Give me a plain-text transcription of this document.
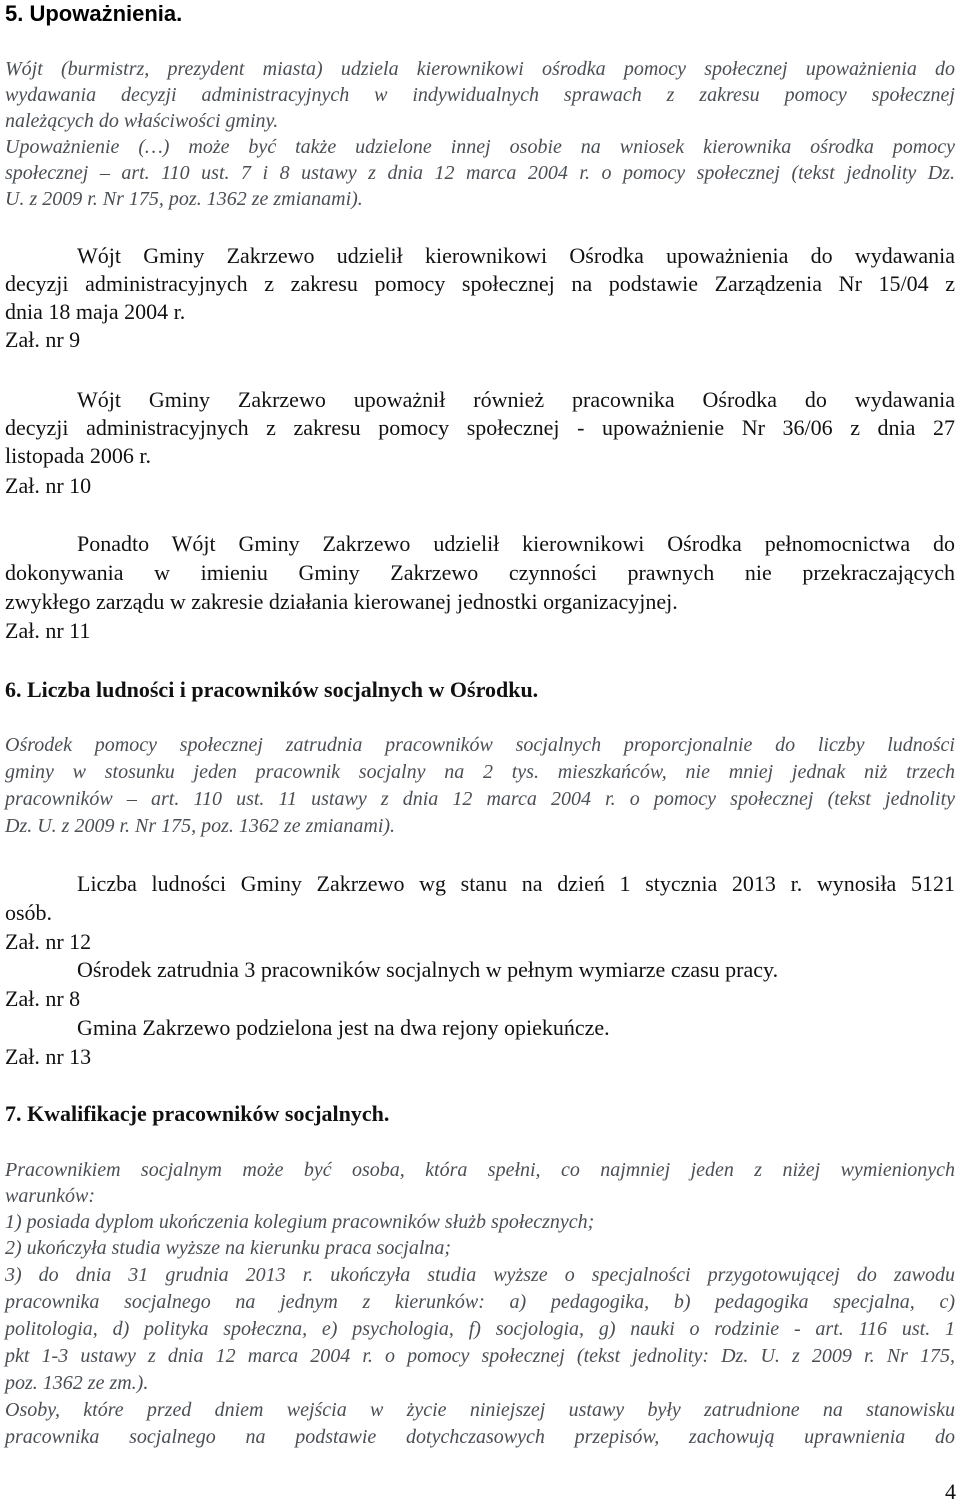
5. Upoważnienia.
Wójt (burmistrz, prezydent miasta) udziela kierownikowi ośrodka pomocy społecznej upoważnienia do
wydawania decyzji administracyjnych w indywidualnych sprawach z zakresu pomocy społecznej
należących do właściwości gminy.
Upoważnienie (…) może być także udzielone innej osobie na wniosek kierownika ośrodka pomocy
społecznej – art. 110 ust. 7 i 8 ustawy z dnia 12 marca 2004 r. o pomocy społecznej (tekst jednolity Dz.
U. z 2009 r. Nr 175, poz. 1362 ze zmianami).
Wójt Gminy Zakrzewo udzielił kierownikowi Ośrodka upoważnienia do wydawania
decyzji administracyjnych z zakresu pomocy społecznej na podstawie Zarządzenia Nr 15/04 z
dnia 18 maja 2004 r.
Zał. nr 9
Wójt Gminy Zakrzewo upoważnił również pracownika Ośrodka do wydawania
decyzji administracyjnych z zakresu pomocy społecznej - upoważnienie Nr 36/06 z dnia 27
listopada 2006 r.
Zał. nr 10
Ponadto Wójt Gminy Zakrzewo udzielił kierownikowi Ośrodka pełnomocnictwa do
dokonywania w imieniu Gminy Zakrzewo czynności prawnych nie przekraczających
zwykłego zarządu w zakresie działania kierowanej jednostki organizacyjnej.
Zał. nr 11
6. Liczba ludności i pracowników socjalnych w Ośrodku.
Ośrodek pomocy społecznej zatrudnia pracowników socjalnych proporcjonalnie do liczby ludności
gminy w stosunku jeden pracownik socjalny na 2 tys. mieszkańców, nie mniej jednak niż trzech
pracowników – art. 110 ust. 11 ustawy z dnia 12 marca 2004 r. o pomocy społecznej (tekst jednolity
Dz. U. z 2009 r. Nr 175, poz. 1362 ze zmianami).
Liczba ludności Gminy Zakrzewo wg stanu na dzień 1 stycznia 2013 r. wynosiła 5121
osób.
Zał. nr 12
Ośrodek zatrudnia 3 pracowników socjalnych w pełnym wymiarze czasu pracy.
Zał. nr 8
Gmina Zakrzewo podzielona jest na dwa rejony opiekuńcze.
Zał. nr 13
7. Kwalifikacje pracowników socjalnych.
Pracownikiem socjalnym może być osoba, która spełni, co najmniej jeden z niżej wymienionych
warunków:
1) posiada dyplom ukończenia kolegium pracowników służb społecznych;
2) ukończyła studia wyższe na kierunku praca socjalna;
3) do dnia 31 grudnia 2013 r. ukończyła studia wyższe o specjalności przygotowującej do zawodu
pracownika socjalnego na jednym z kierunków: a) pedagogika, b) pedagogika specjalna, c)
politologia, d) polityka społeczna, e) psychologia, f) socjologia, g) nauki o rodzinie - art. 116 ust. 1
pkt 1-3 ustawy z dnia 12 marca 2004 r. o pomocy społecznej (tekst jednolity: Dz. U. z 2009 r. Nr 175,
poz. 1362 ze zm.).
Osoby, które przed dniem wejścia w życie niniejszej ustawy były zatrudnione na stanowisku
pracownika socjalnego na podstawie dotychczasowych przepisów, zachowują uprawnienia do
4
